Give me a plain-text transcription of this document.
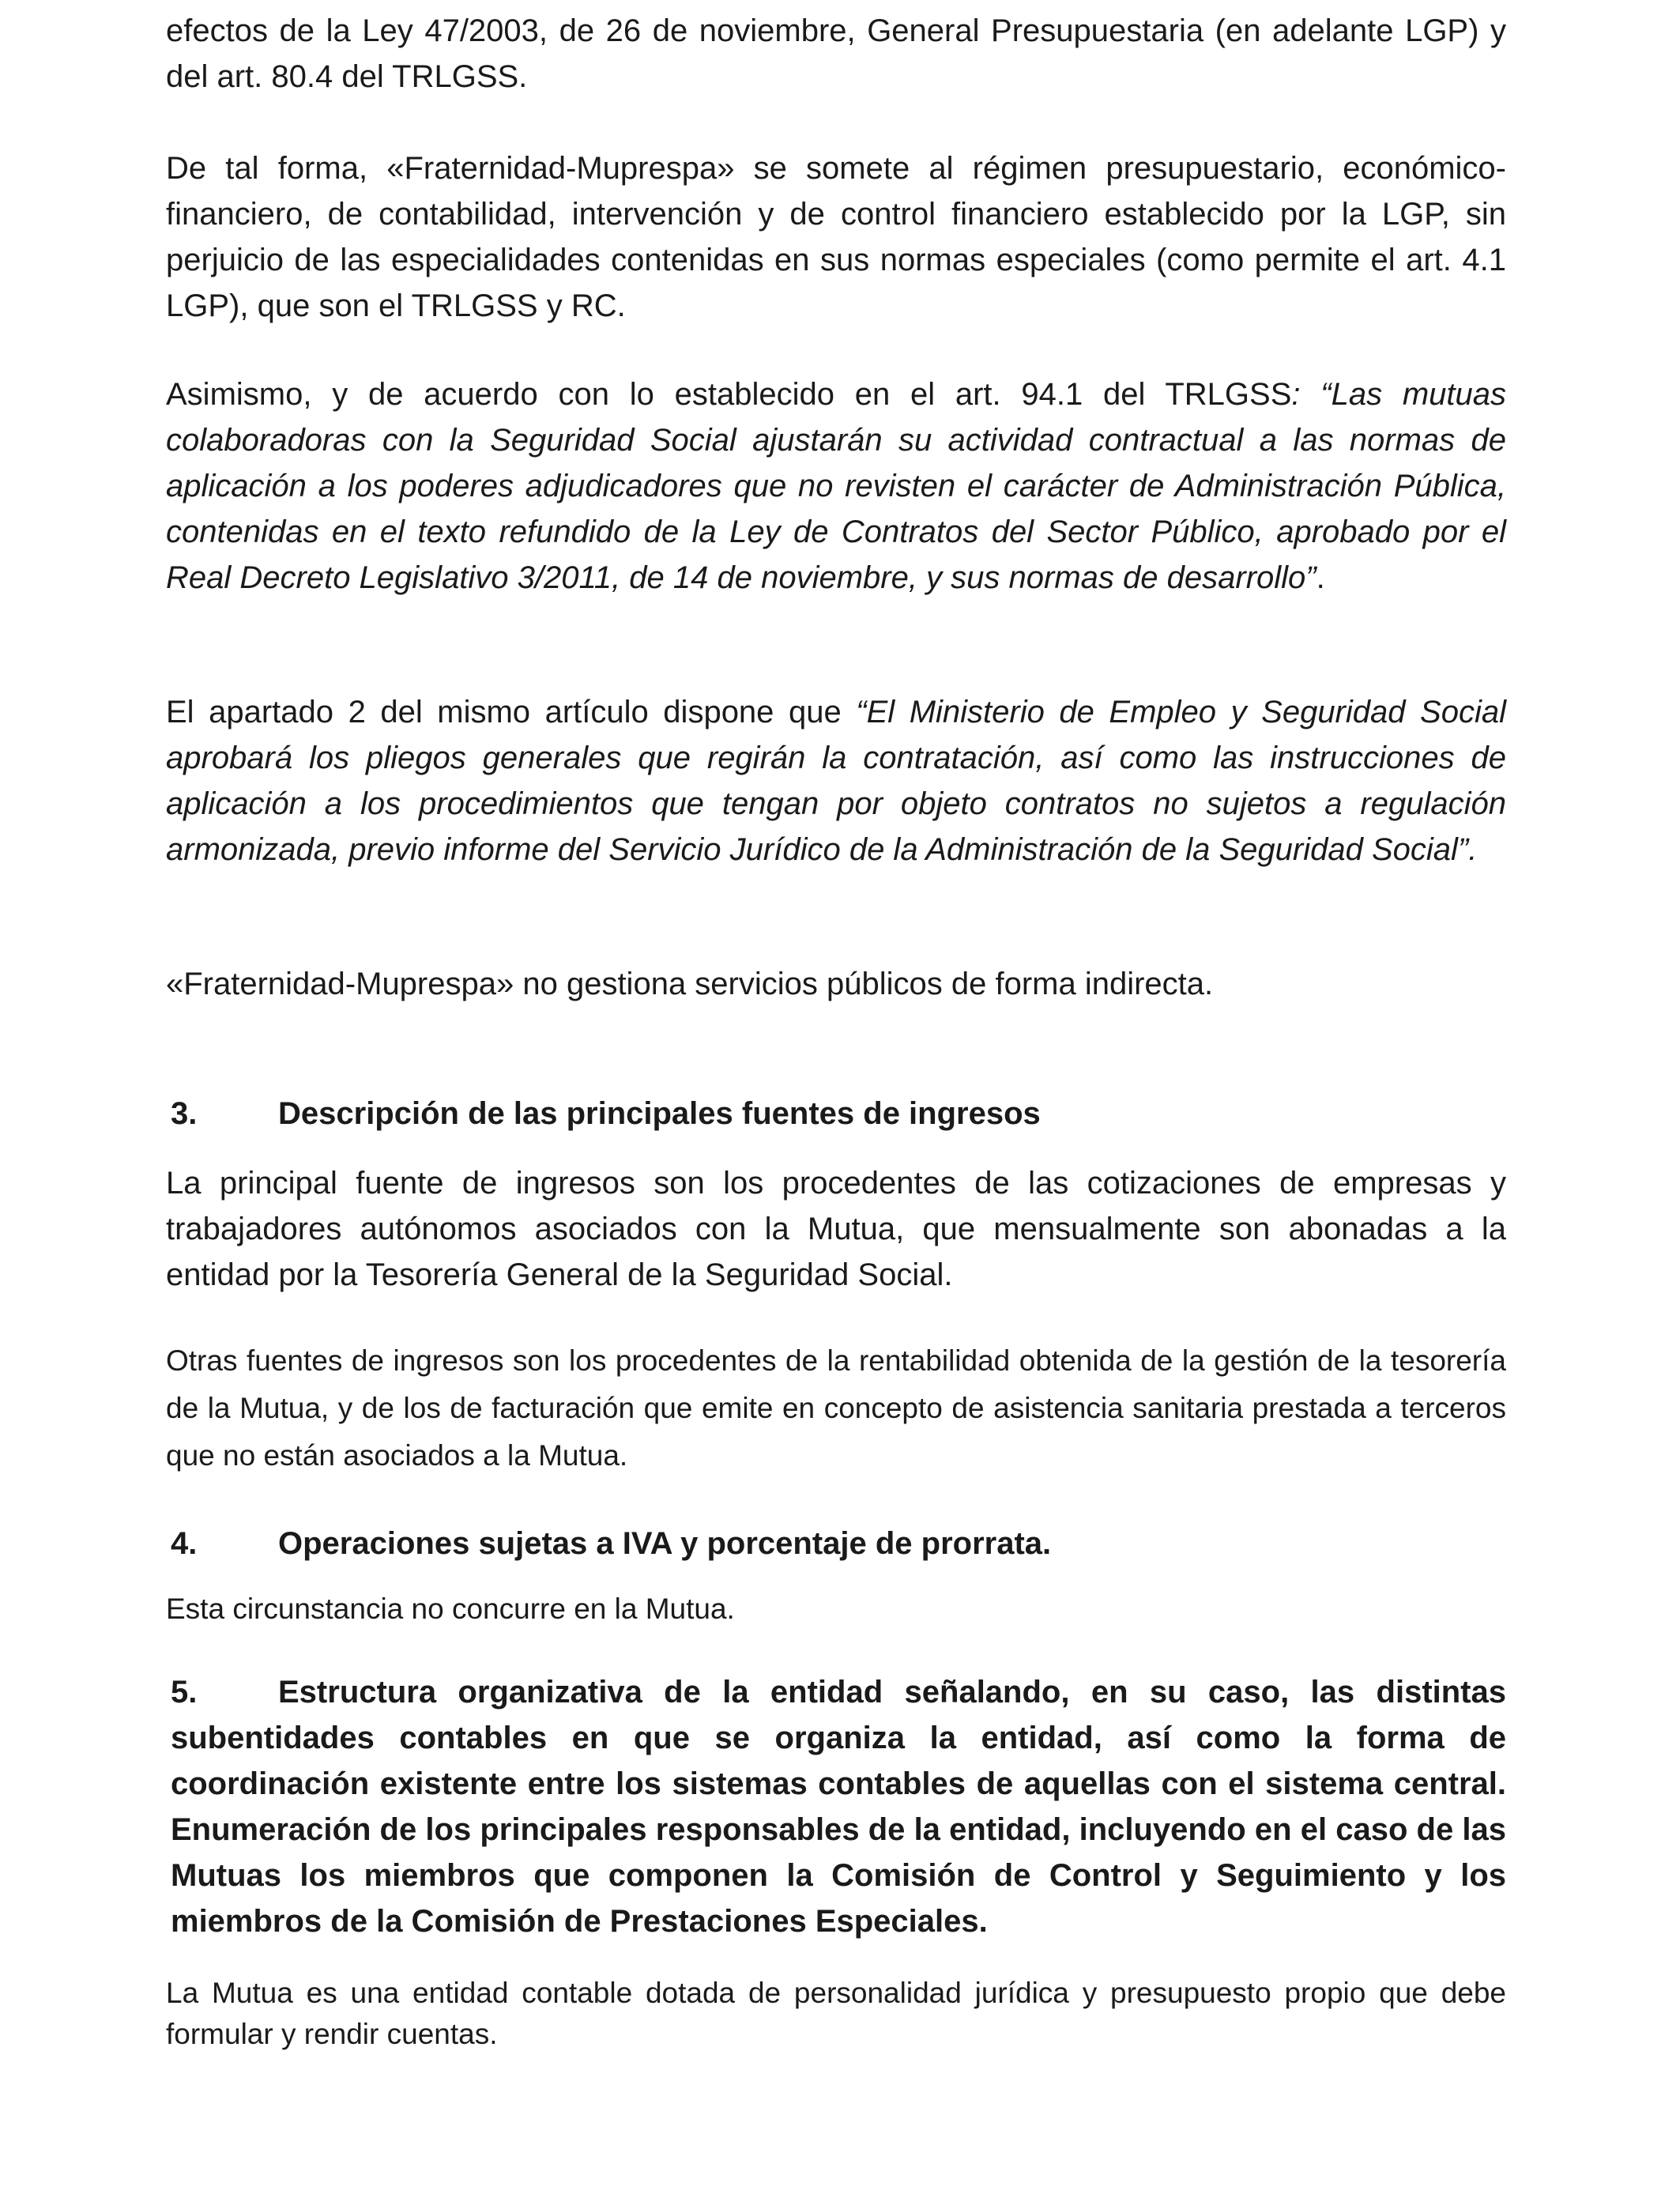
efectos de la Ley 47/2003, de 26 de noviembre, General Presupuestaria (en adelante LGP) y del art. 80.4 del TRLGSS.

De tal forma, «Fraternidad-Muprespa» se somete al régimen presupuestario, económico-financiero, de contabilidad, intervención y de control financiero establecido por la LGP, sin perjuicio de las especialidades contenidas en sus normas especiales (como permite el art. 4.1 LGP), que son el TRLGSS y RC.

Asimismo, y de acuerdo con lo establecido en el art. 94.1 del TRLGSS: “Las mutuas colaboradoras con la Seguridad Social ajustarán su actividad contractual a las normas de aplicación a los poderes adjudicadores que no revisten el carácter de Administración Pública, contenidas en el texto refundido de la Ley de Contratos del Sector Público, aprobado por el Real Decreto Legislativo 3/2011, de 14 de noviembre, y sus normas de desarrollo”.

El apartado 2 del mismo artículo dispone que “El Ministerio de Empleo y Seguridad Social aprobará los pliegos generales que regirán la contratación, así como las instrucciones de aplicación a los procedimientos que tengan por objeto contratos no sujetos a regulación armonizada, previo informe del Servicio Jurídico de la Administración de la Seguridad Social”.

«Fraternidad-Muprespa» no gestiona servicios públicos de forma indirecta.

3.	Descripción de las principales fuentes de ingresos

La principal fuente de ingresos son los procedentes de las cotizaciones de empresas y trabajadores autónomos asociados con la Mutua, que mensualmente son abonadas a la entidad por la Tesorería General de la Seguridad Social.

Otras fuentes de ingresos son los procedentes de la rentabilidad obtenida de la gestión de la tesorería de la Mutua, y de los de facturación que emite en concepto de asistencia sanitaria prestada a terceros que no están asociados a la Mutua.

4.	Operaciones sujetas a IVA y porcentaje de prorrata.

Esta circunstancia no concurre en la Mutua.

5.	Estructura organizativa de la entidad señalando, en su caso, las distintas subentidades contables en que se organiza la entidad, así como la forma de coordinación existente entre los sistemas contables de aquellas con el sistema central. Enumeración de los principales responsables de la entidad, incluyendo en el caso de las Mutuas los miembros que componen la Comisión de Control y Seguimiento y los miembros de la Comisión de Prestaciones Especiales.

La Mutua es una entidad contable dotada de personalidad jurídica y presupuesto propio que debe formular y rendir cuentas.
